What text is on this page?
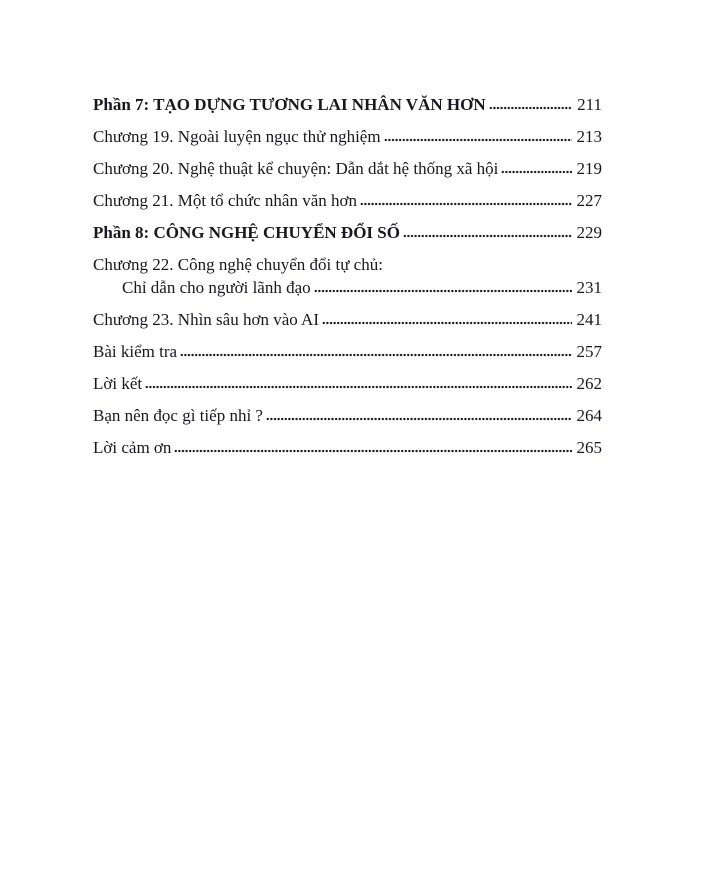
Phần 7: TẠO DỰNG TƯƠNG LAI NHÂN VĂN HƠN	211
Chương 19. Ngoài luyện ngục thử nghiệm	213
Chương 20. Nghệ thuật kể chuyện: Dẫn dắt hệ thống xã hội	219
Chương 21. Một tổ chức nhân văn hơn	227
Phần 8: CÔNG NGHỆ CHUYỂN ĐỔI SỐ	229
Chương 22. Công nghệ chuyển đổi tự chủ:
Chỉ dẫn cho người lãnh đạo	231
Chương 23. Nhìn sâu hơn vào AI	241
Bài kiểm tra	257
Lời kết	262
Bạn nên đọc gì tiếp nhỉ ?	264
Lời cảm ơn	265
